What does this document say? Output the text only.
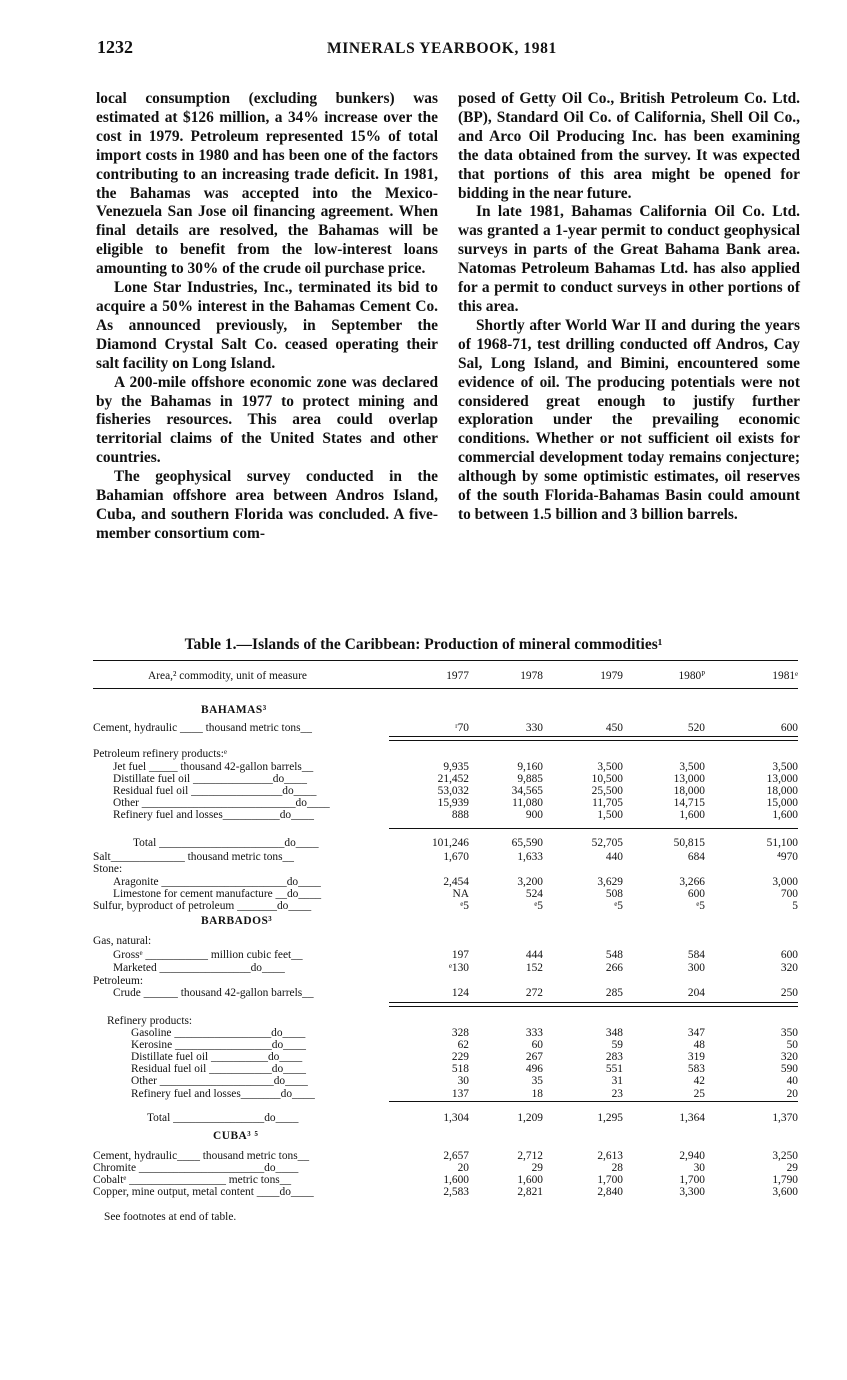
1232	MINERALS YEARBOOK, 1981

local consumption (excluding bunkers) was estimated at $126 million, a 34% increase over the cost in 1979. Petroleum represented 15% of total import costs in 1980 and has been one of the factors contributing to an increasing trade deficit. In 1981, the Bahamas was accepted into the Mexico-Venezuela San Jose oil financing agreement. When final details are resolved, the Bahamas will be eligible to benefit from the low-interest loans amounting to 30% of the crude oil purchase price.

Lone Star Industries, Inc., terminated its bid to acquire a 50% interest in the Bahamas Cement Co. As announced previously, in September the Diamond Crystal Salt Co. ceased operating their salt facility on Long Island.

A 200-mile offshore economic zone was declared by the Bahamas in 1977 to protect mining and fisheries resources. This area could overlap territorial claims of the United States and other countries.

The geophysical survey conducted in the Bahamian offshore area between Andros Island, Cuba, and southern Florida was concluded. A five-member consortium com-

posed of Getty Oil Co., British Petroleum Co. Ltd. (BP), Standard Oil Co. of California, Shell Oil Co., and Arco Oil Producing Inc. has been examining the data obtained from the survey. It was expected that portions of this area might be opened for bidding in the near future.

In late 1981, Bahamas California Oil Co. Ltd. was granted a 1-year permit to conduct geophysical surveys in parts of the Great Bahama Bank area. Natomas Petroleum Bahamas Ltd. has also applied for a permit to conduct surveys in other portions of this area.

Shortly after World War II and during the years of 1968-71, test drilling conducted off Andros, Cay Sal, Long Island, and Bimini, encountered some evidence of oil. The producing potentials were not considered great enough to justify further exploration under the prevailing economic conditions. Whether or not sufficient oil exists for commercial development today remains conjecture; although by some optimistic estimates, oil reserves of the south Florida-Bahamas Basin could amount to between 1.5 billion and 3 billion barrels.

Table 1.—Islands of the Caribbean: Production of mineral commodities¹
Area,² commodity, unit of measure	1977	1978	1979	1980ᴾ	1981ᵉ
BAHAMAS³
Cement, hydraulic ____ thousand metric tons__	ʳ70	330	450	520	600
Petroleum refinery products:ᵉ
Jet fuel _____ thousand 42-gallon barrels__	9,935	9,160	3,500	3,500	3,500
Distillate fuel oil ______________do____	21,452	9,885	10,500	13,000	13,000
Residual fuel oil ________________do____	53,032	34,565	25,500	18,000	18,000
Other ___________________________do____	15,939	11,080	11,705	14,715	15,000
Refinery fuel and losses__________do____	888	900	1,500	1,600	1,600
Total ______________________do____	101,246	65,590	52,705	50,815	51,100
Salt_____________ thousand metric tons__	1,670	1,633	440	684	⁴970
Stone:
Aragonite ______________________do____	2,454	3,200	3,629	3,266	3,000
Limestone for cement manufacture __do____	NA	524	508	600	700
Sulfur, byproduct of petroleum _______do____	ᵉ5	ᵉ5	ᵉ5	ᵉ5	5
BARBADOS³
Gas, natural:
Grossᵉ ___________ million cubic feet__	197	444	548	584	600
Marketed ________________do____	ᵉ130	152	266	300	320
Petroleum:
Crude ______ thousand 42-gallon barrels__	124	272	285	204	250
Refinery products:
Gasoline _________________do____	328	333	348	347	350
Kerosine _________________do____	62	60	59	48	50
Distillate fuel oil __________do____	229	267	283	319	320
Residual fuel oil ___________do____	518	496	551	583	590
Other ____________________do____	30	35	31	42	40
Refinery fuel and losses_______do____	137	18	23	25	20
Total ________________do____	1,304	1,209	1,295	1,364	1,370
CUBA³ ⁵
Cement, hydraulic____ thousand metric tons__	2,657	2,712	2,613	2,940	3,250
Chromite ______________________do____	20	29	28	30	29
Cobaltᵉ _________________ metric tons__	1,600	1,600	1,700	1,700	1,790
Copper, mine output, metal content ____do____	2,583	2,821	2,840	3,300	3,600
See footnotes at end of table.
